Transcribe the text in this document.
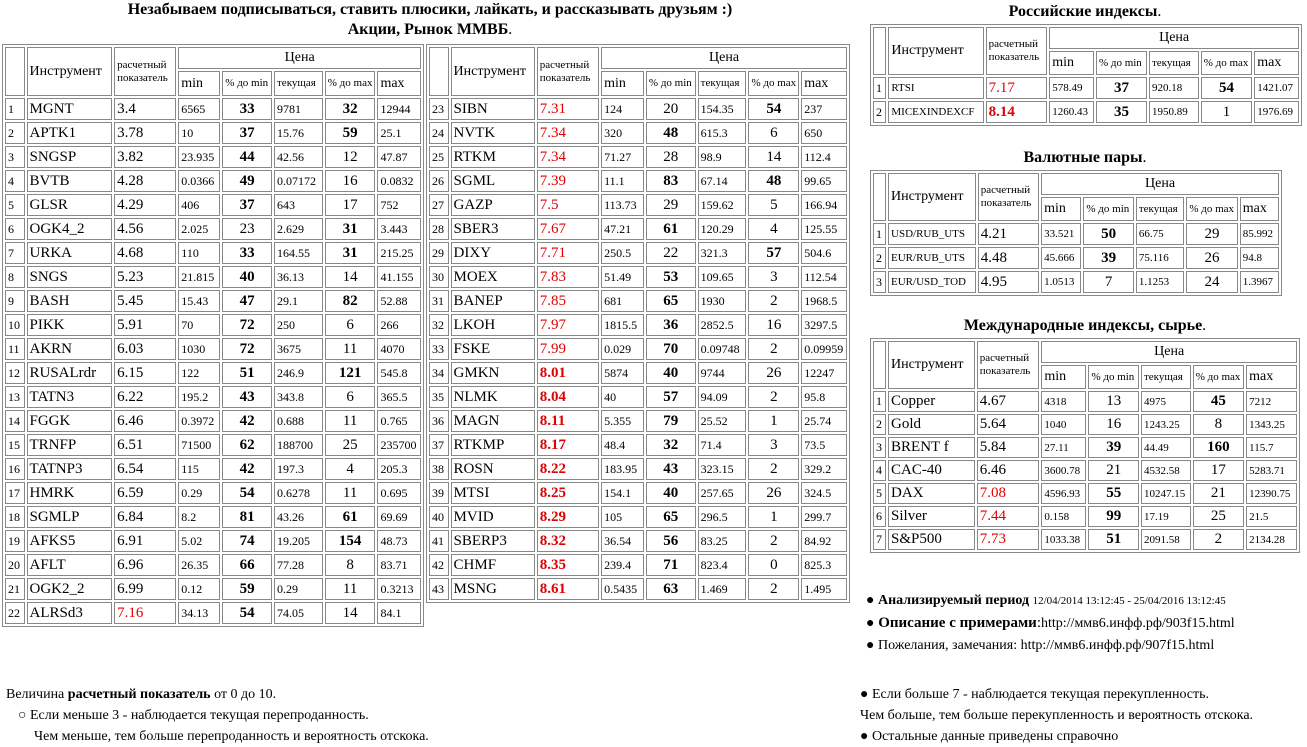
Незабываем подписываться, ставить плюсики, лайкать, и рассказывать друзьям :)
Акции, Рынок ММВБ.
	Инструмент	расчетный
показатель	Цена				
			min	% до min	текущая	% до max	max
1	MGNT	3.4	6565	33	9781	32	12944
2	APTK1	3.78	10	37	15.76	59	25.1
3	SNGSP	3.82	23.935	44	42.56	12	47.87
4	BVTB	4.28	0.0366	49	0.07172	16	0.0832
5	GLSR	4.29	406	37	643	17	752
6	OGK4_2	4.56	2.025	23	2.629	31	3.443
7	URKA	4.68	110	33	164.55	31	215.25
8	SNGS	5.23	21.815	40	36.13	14	41.155
9	BASH	5.45	15.43	47	29.1	82	52.88
10	PIKK	5.91	70	72	250	6	266
11	AKRN	6.03	1030	72	3675	11	4070
12	RUSALrdr	6.15	122	51	246.9	121	545.8
13	TATN3	6.22	195.2	43	343.8	6	365.5
14	FGGK	6.46	0.3972	42	0.688	11	0.765
15	TRNFP	6.51	71500	62	188700	25	235700
16	TATNP3	6.54	115	42	197.3	4	205.3
17	HMRK	6.59	0.29	54	0.6278	11	0.695
18	SGMLP	6.84	8.2	81	43.26	61	69.69
19	AFKS5	6.91	5.02	74	19.205	154	48.73
20	AFLT	6.96	26.35	66	77.28	8	83.71
21	OGK2_2	6.99	0.12	59	0.29	11	0.3213
22	ALRSd3	7.16	34.13	54	74.05	14	84.1
	Инструмент	расчетный
показатель	Цена				
			min	% до min	текущая	% до max	max
23	SIBN	7.31	124	20	154.35	54	237
24	NVTK	7.34	320	48	615.3	6	650
25	RTKM	7.34	71.27	28	98.9	14	112.4
26	SGML	7.39	11.1	83	67.14	48	99.65
27	GAZP	7.5	113.73	29	159.62	5	166.94
28	SBER3	7.67	47.21	61	120.29	4	125.55
29	DIXY	7.71	250.5	22	321.3	57	504.6
30	MOEX	7.83	51.49	53	109.65	3	112.54
31	BANEP	7.85	681	65	1930	2	1968.5
32	LKOH	7.97	1815.5	36	2852.5	16	3297.5
33	FSKE	7.99	0.029	70	0.09748	2	0.09959
34	GMKN	8.01	5874	40	9744	26	12247
35	NLMK	8.04	40	57	94.09	2	95.8
36	MAGN	8.11	5.355	79	25.52	1	25.74
37	RTKMP	8.17	48.4	32	71.4	3	73.5
38	ROSN	8.22	183.95	43	323.15	2	329.2
39	MTSI	8.25	154.1	40	257.65	26	324.5
40	MVID	8.29	105	65	296.5	1	299.7
41	SBERP3	8.32	36.54	56	83.25	2	84.92
42	CHMF	8.35	239.4	71	823.4	0	825.3
43	MSNG	8.61	0.5435	63	1.469	2	1.495
Российские индексы.
	Инструмент	расчетный
показатель	Цена				
			min	% до min	текущая	% до max	max
1	RTSI	7.17	578.49	37	920.18	54	1421.07
2	MICEXINDEXCF	8.14	1260.43	35	1950.89	1	1976.69
Валютные пары.
	Инструмент	расчетный
показатель	Цена				
			min	% до min	текущая	% до max	max
1	USD/RUB_UTS	4.21	33.521	50	66.75	29	85.992
2	EUR/RUB_UTS	4.48	45.666	39	75.116	26	94.8
3	EUR/USD_TOD	4.95	1.0513	7	1.1253	24	1.3967
Международные индексы, сырье.
	Инструмент	расчетный
показатель	Цена				
			min	% до min	текущая	% до max	max
1	Copper	4.67	4318	13	4975	45	7212
2	Gold	5.64	1040	16	1243.25	8	1343.25
3	BRENT f	5.84	27.11	39	44.49	160	115.7
4	CAC-40	6.46	3600.78	21	4532.58	17	5283.71
5	DAX	7.08	4596.93	55	10247.15	21	12390.75
6	Silver	7.44	0.158	99	17.19	25	21.5
7	S&P500	7.73	1033.38	51	2091.58	2	2134.28
● Анализируемый период 12/04/2014 13:12:45 - 25/04/2016 13:12:45
● Описание с примерами:http://ммв6.инфф.рф/903f15.html
● Пожелания, замечания: http://ммв6.инфф.рф/907f15.html
Величина расчетный показатель от 0 до 10.
○ Если меньше 3 - наблюдается текущая перепроданность.
Чем меньше, тем больше перепроданность и вероятность отскока.
● Если больше 7 - наблюдается текущая перекупленность.
Чем больше, тем больше перекупленность и вероятность отскока.
● Остальные данные приведены справочно
